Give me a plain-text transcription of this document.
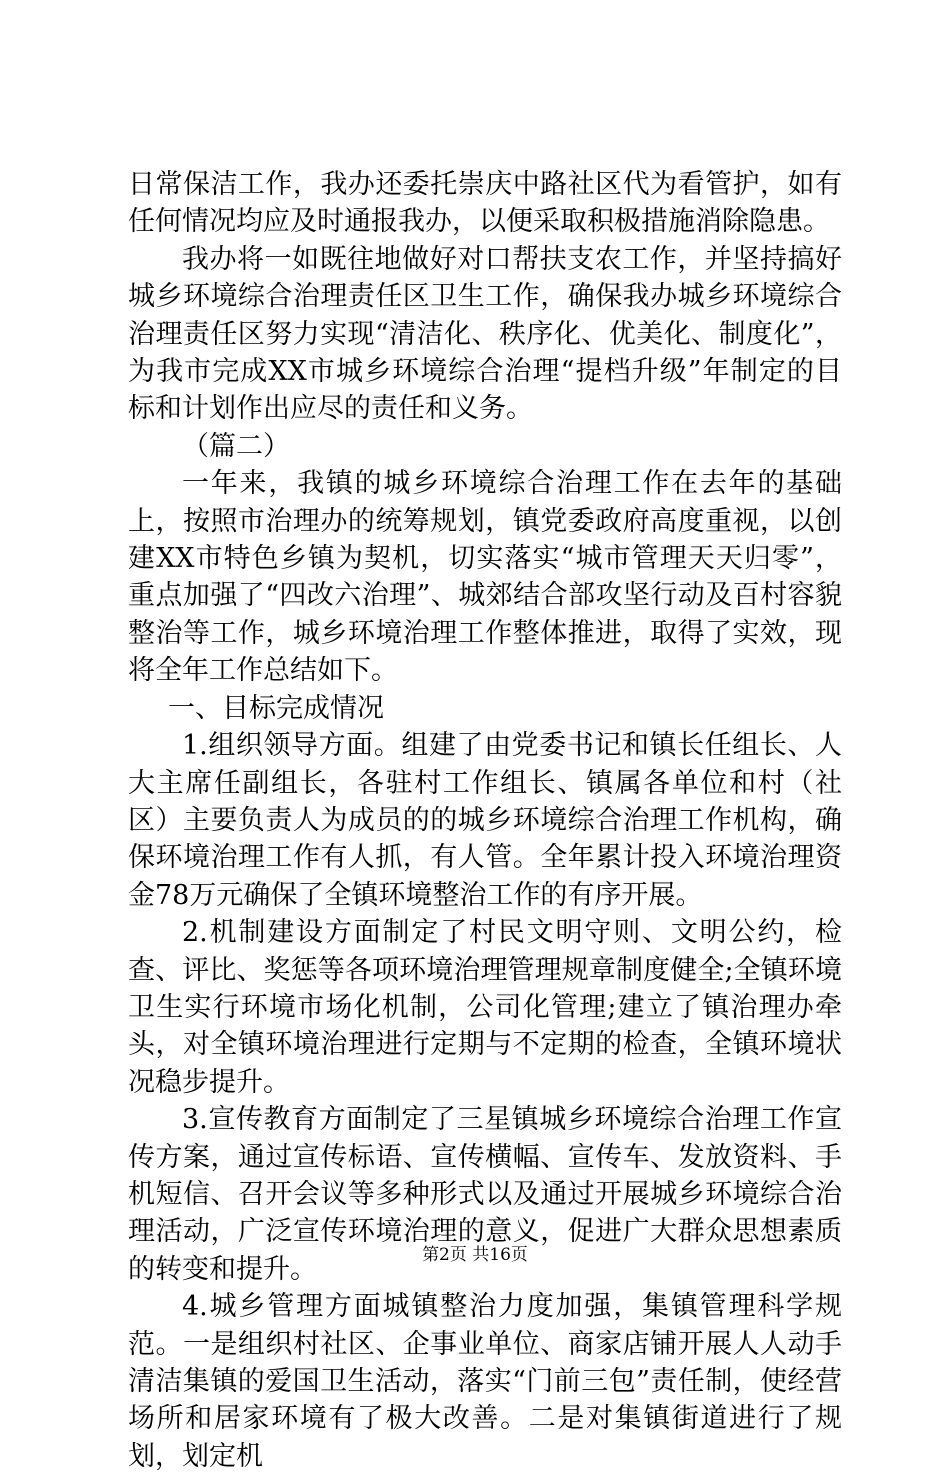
日常保洁工作，我办还委托崇庆中路社区代为看管护，如有任何情况均应及时通报我办，以便采取积极措施消除隐患。

我办将一如既往地做好对口帮扶支农工作，并坚持搞好城乡环境综合治理责任区卫生工作，确保我办城乡环境综合治理责任区努力实现“清洁化、秩序化、优美化、制度化”，为我市完成XX市城乡环境综合治理“提档升级”年制定的目标和计划作出应尽的责任和义务。

（篇二）

一年来，我镇的城乡环境综合治理工作在去年的基础上，按照市治理办的统筹规划，镇党委政府高度重视，以创建XX市特色乡镇为契机，切实落实“城市管理天天归零”，重点加强了“四改六治理”、城郊结合部攻坚行动及百村容貌整治等工作，城乡环境治理工作整体推进，取得了实效，现将全年工作总结如下。

一、目标完成情况

1.组织领导方面。组建了由党委书记和镇长任组长、人大主席任副组长，各驻村工作组长、镇属各单位和村（社区）主要负责人为成员的的城乡环境综合治理工作机构，确保环境治理工作有人抓，有人管。全年累计投入环境治理资金78万元确保了全镇环境整治工作的有序开展。

2.机制建设方面制定了村民文明守则、文明公约，检查、评比、奖惩等各项环境治理管理规章制度健全;全镇环境卫生实行环境市场化机制，公司化管理;建立了镇治理办牵头，对全镇环境治理进行定期与不定期的检查，全镇环境状况稳步提升。

3.宣传教育方面制定了三星镇城乡环境综合治理工作宣传方案，通过宣传标语、宣传横幅、宣传车、发放资料、手机短信、召开会议等多种形式以及通过开展城乡环境综合治理活动，广泛宣传环境治理的意义，促进广大群众思想素质的转变和提升。

4.城乡管理方面城镇整治力度加强，集镇管理科学规范。一是组织村社区、企事业单位、商家店铺开展人人动手清洁集镇的爱国卫生活动，落实“门前三包”责任制，使经营场所和居家环境有了极大改善。二是对集镇街道进行了规划，划定机

第2页 共16页
